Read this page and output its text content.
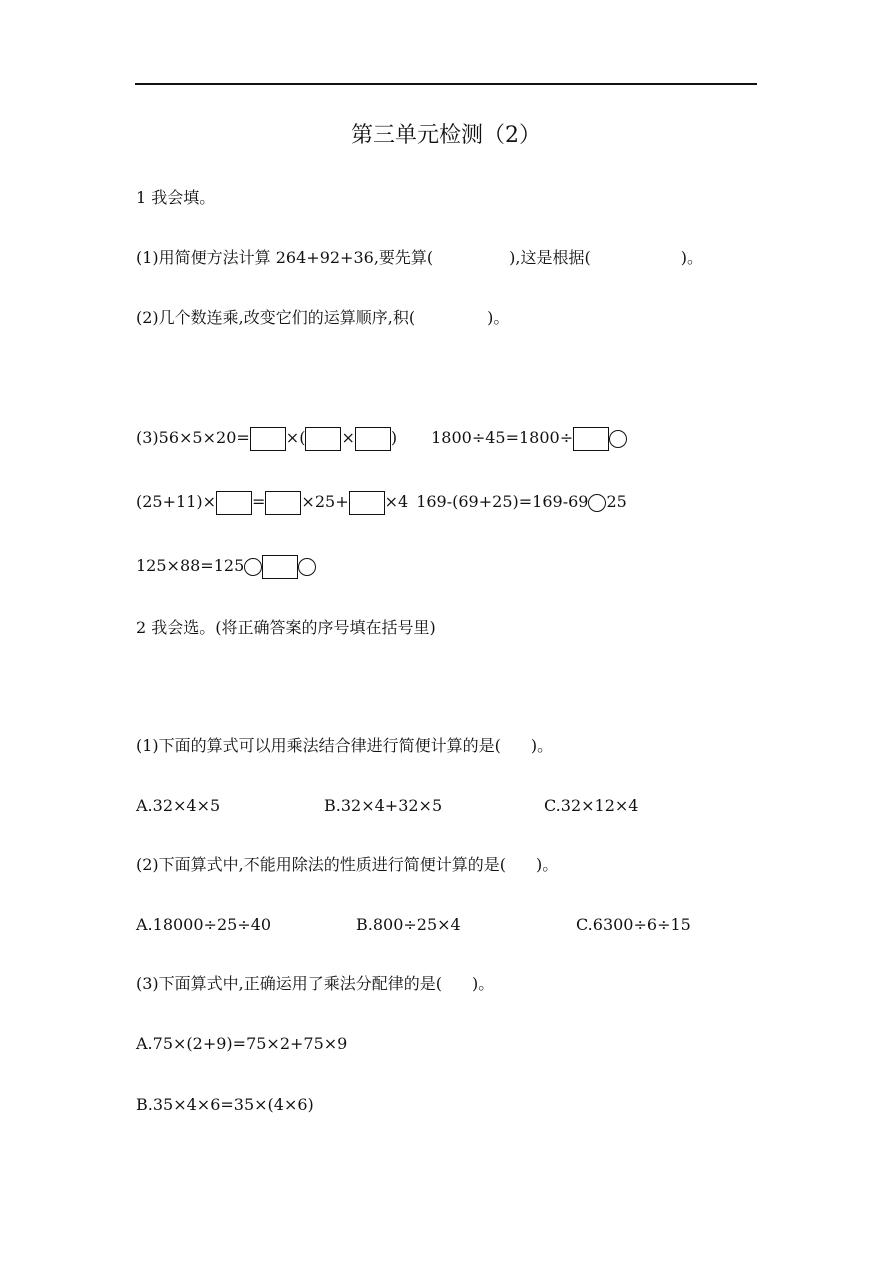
第三单元检测（2）
1 我会填。
(1)用简便方法计算 264+92+36,要先算(	),这是根据(	)。
(2)几个数连乘,改变它们的运算顺序,积(	)。
(3)56×5×20= ×( × ) 1800÷45=1800÷
(25+11)× = ×25+ ×4 169-(69+25)=169-69 25
125×88=125
2 我会选。(将正确答案的序号填在括号里)
(1)下面的算式可以用乘法结合律进行简便计算的是( )。
A.32×4×5	B.32×4+32×5	C.32×12×4
(2)下面算式中,不能用除法的性质进行简便计算的是( )。
A.18000÷25÷40	B.800÷25×4	C.6300÷6÷15
(3)下面算式中,正确运用了乘法分配律的是( )。
A.75×(2+9)=75×2+75×9
B.35×4×6=35×(4×6)
